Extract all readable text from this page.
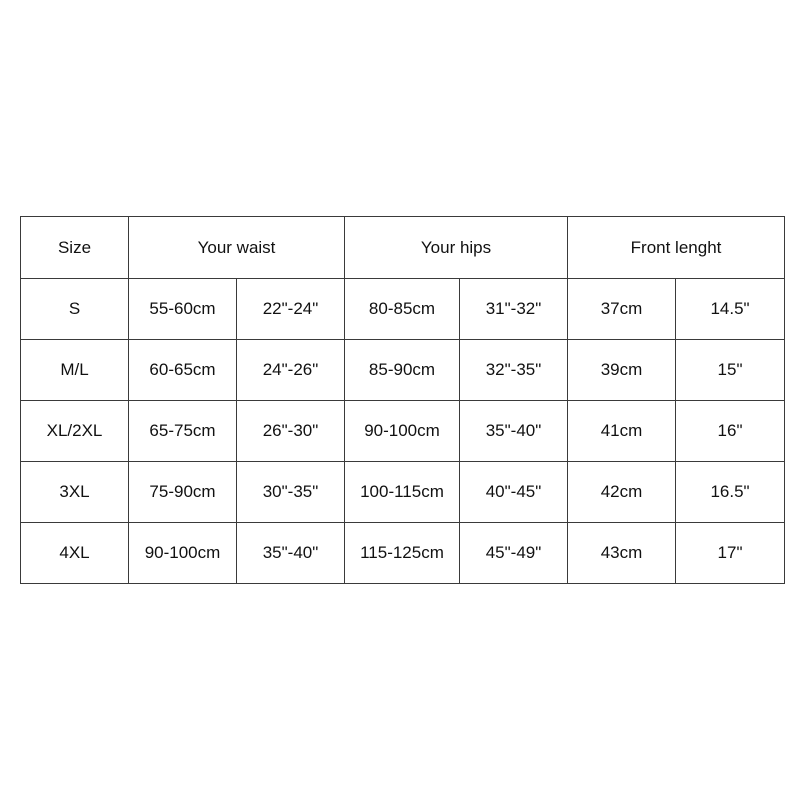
Size	Your waist		Your hips		Front lenght	
S	55-60cm	22"-24"	80-85cm	31"-32"	37cm	14.5"
M/L	60-65cm	24"-26"	85-90cm	32"-35"	39cm	15"
XL/2XL	65-75cm	26"-30"	90-100cm	35"-40"	41cm	16"
3XL	75-90cm	30"-35"	100-115cm	40"-45"	42cm	16.5"
4XL	90-100cm	35"-40"	115-125cm	45"-49"	43cm	17"
